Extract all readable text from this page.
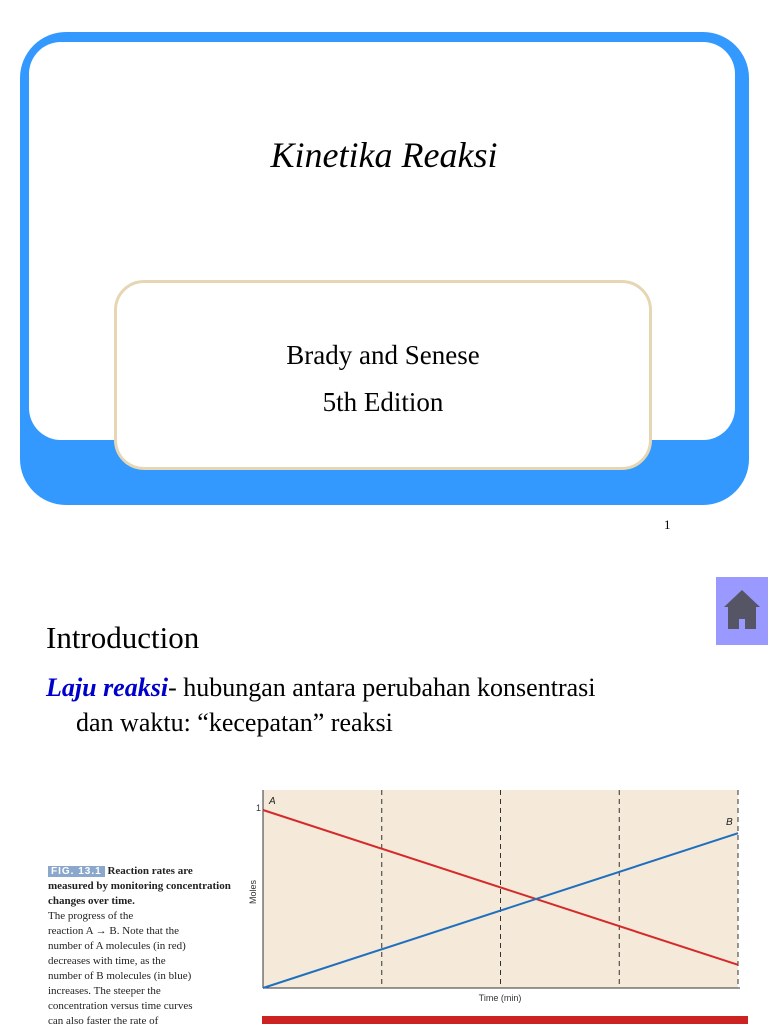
Kinetika Reaksi
Brady and Senese
5th Edition
1
Introduction
Laju reaksi- hubungan antara perubahan konsentrasi
dan waktu: “kecepatan” reaksi
FIG. 13.1 Reaction rates are measured by monitoring concentration changes over time.
The progress of the
reaction A → B. Note that the
number of A molecules (in red)
decreases with time, as the
number of B molecules (in blue)
increases. The steeper the
concentration versus time curves
can also faster the rate of
A
B
1
Time (min)
Moles
